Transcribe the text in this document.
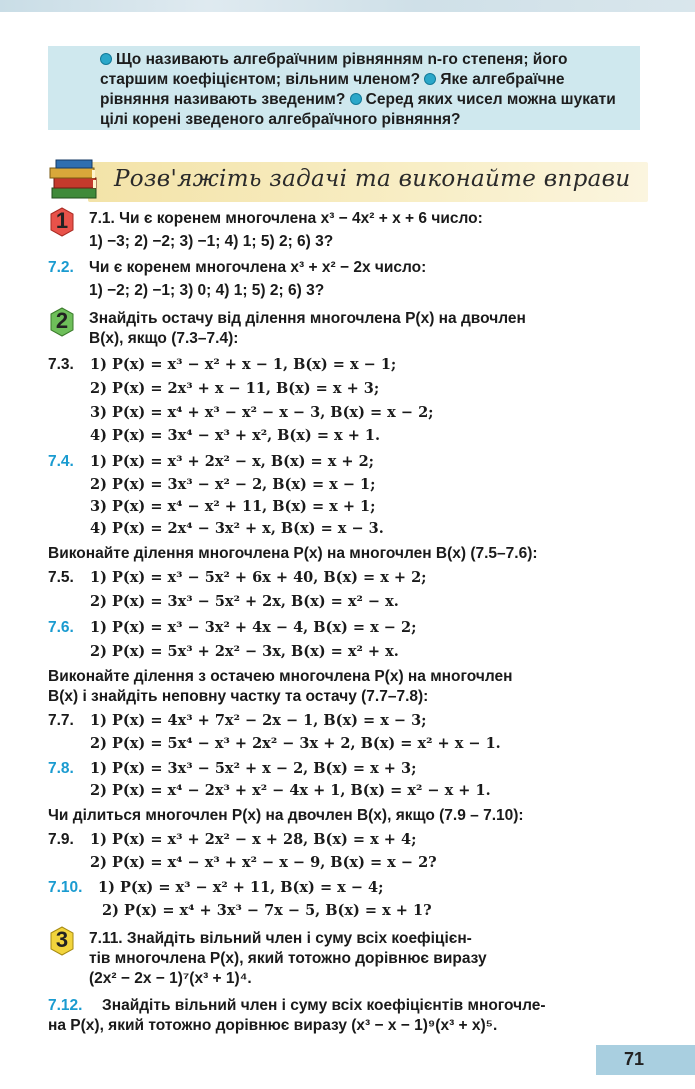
Що називають алгебраїчним рівнянням n-го степеня; його старшим коефіцієнтом; вільним членом? Яке алгебраїчне рівняння називають зведеним? Серед яких чисел можна шукати цілі корені зведеного алгебраїчного рівняння?
Розв'яжіть задачі та виконайте вправи
1
2
3
7.1. Чи є коренем многочлена x³ − 4x² + x + 6 число:
1) −3; 2) −2; 3) −1; 4) 1; 5) 2; 6) 3?
7.2. Чи є коренем многочлена x³ + x² − 2x число:
1) −2; 2) −1; 3) 0; 4) 1; 5) 2; 6) 3?
Знайдіть остачу від ділення многочлена P(x) на двочлен
B(x), якщо (7.3–7.4):
7.3. 1) P(x) = x³ − x² + x − 1, B(x) = x − 1;
2) P(x) = 2x³ + x − 11, B(x) = x + 3;
3) P(x) = x⁴ + x³ − x² − x − 3, B(x) = x − 2;
4) P(x) = 3x⁴ − x³ + x², B(x) = x + 1.
7.4. 1) P(x) = x³ + 2x² − x, B(x) = x + 2;
2) P(x) = 3x³ − x² − 2, B(x) = x − 1;
3) P(x) = x⁴ − x² + 11, B(x) = x + 1;
4) P(x) = 2x⁴ − 3x² + x, B(x) = x − 3.
Виконайте ділення многочлена P(x) на многочлен B(x) (7.5–7.6):
7.5. 1) P(x) = x³ − 5x² + 6x + 40, B(x) = x + 2;
2) P(x) = 3x³ − 5x² + 2x, B(x) = x² − x.
7.6. 1) P(x) = x³ − 3x² + 4x − 4, B(x) = x − 2;
2) P(x) = 5x³ + 2x² − 3x, B(x) = x² + x.
Виконайте ділення з остачею многочлена P(x) на многочлен
B(x) і знайдіть неповну частку та остачу (7.7–7.8):
7.7. 1) P(x) = 4x³ + 7x² − 2x − 1, B(x) = x − 3;
2) P(x) = 5x⁴ − x³ + 2x² − 3x + 2, B(x) = x² + x − 1.
7.8. 1) P(x) = 3x³ − 5x² + x − 2, B(x) = x + 3;
2) P(x) = x⁴ − 2x³ + x² − 4x + 1, B(x) = x² − x + 1.
Чи ділиться многочлен P(x) на двочлен B(x), якщо (7.9 – 7.10):
7.9. 1) P(x) = x³ + 2x² − x + 28, B(x) = x + 4;
2) P(x) = x⁴ − x³ + x² − x − 9, B(x) = x − 2?
7.10. 1) P(x) = x³ − x² + 11, B(x) = x − 4;
2) P(x) = x⁴ + 3x³ − 7x − 5, B(x) = x + 1?
7.11. Знайдіть вільний член і суму всіх коефіцієн-
тів многочлена P(x), який тотожно дорівнює виразу
(2x² − 2x − 1)⁷(x³ + 1)⁴.
7.12. Знайдіть вільний член і суму всіх коефіцієнтів многочле-
на P(x), який тотожно дорівнює виразу (x³ − x − 1)⁹(x³ + x)⁵.
71
